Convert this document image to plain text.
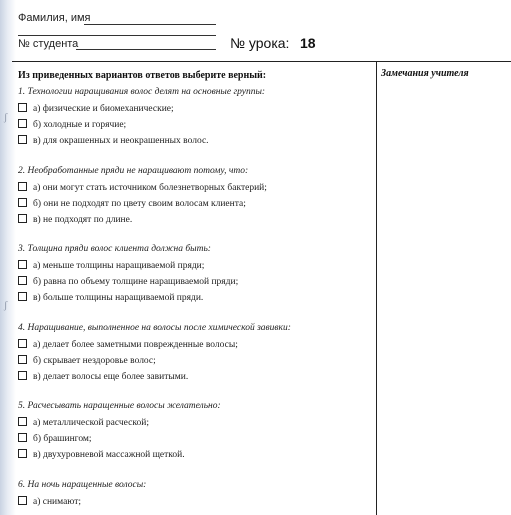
ʃ
ʃ
Фамилия, имя
№ студента	№ урока: 18
Из приведенных вариантов ответов выберите верный:	Замечания учителя
1. Технологии наращивания волос делят на основные группы:
а) физические и биомеханические;
б) холодные и горячие;
в) для окрашенных и неокрашенных волос.
2. Необработанные пряди не наращивают потому, что:
а) они могут стать источником болезнетворных бактерий;
б) они не подходят по цвету своим волосам клиента;
в) не подходят по длине.
3. Толщина пряди волос клиента должна быть:
а) меньше толщины наращиваемой пряди;
б) равна по объему толщине наращиваемой пряди;
в) больше толщины наращиваемой пряди.
4. Наращивание, выполненное на волосы после химической завивки:
а) делает более заметными поврежденные волосы;
б) скрывает нездоровье волос;
в) делает волосы еще более завитыми.
5. Расчесывать наращенные волосы желательно:
а) металлической расческой;
б) брашингом;
в) двухуровневой массажной щеткой.
6. На ночь наращенные волосы:
а) снимают;
